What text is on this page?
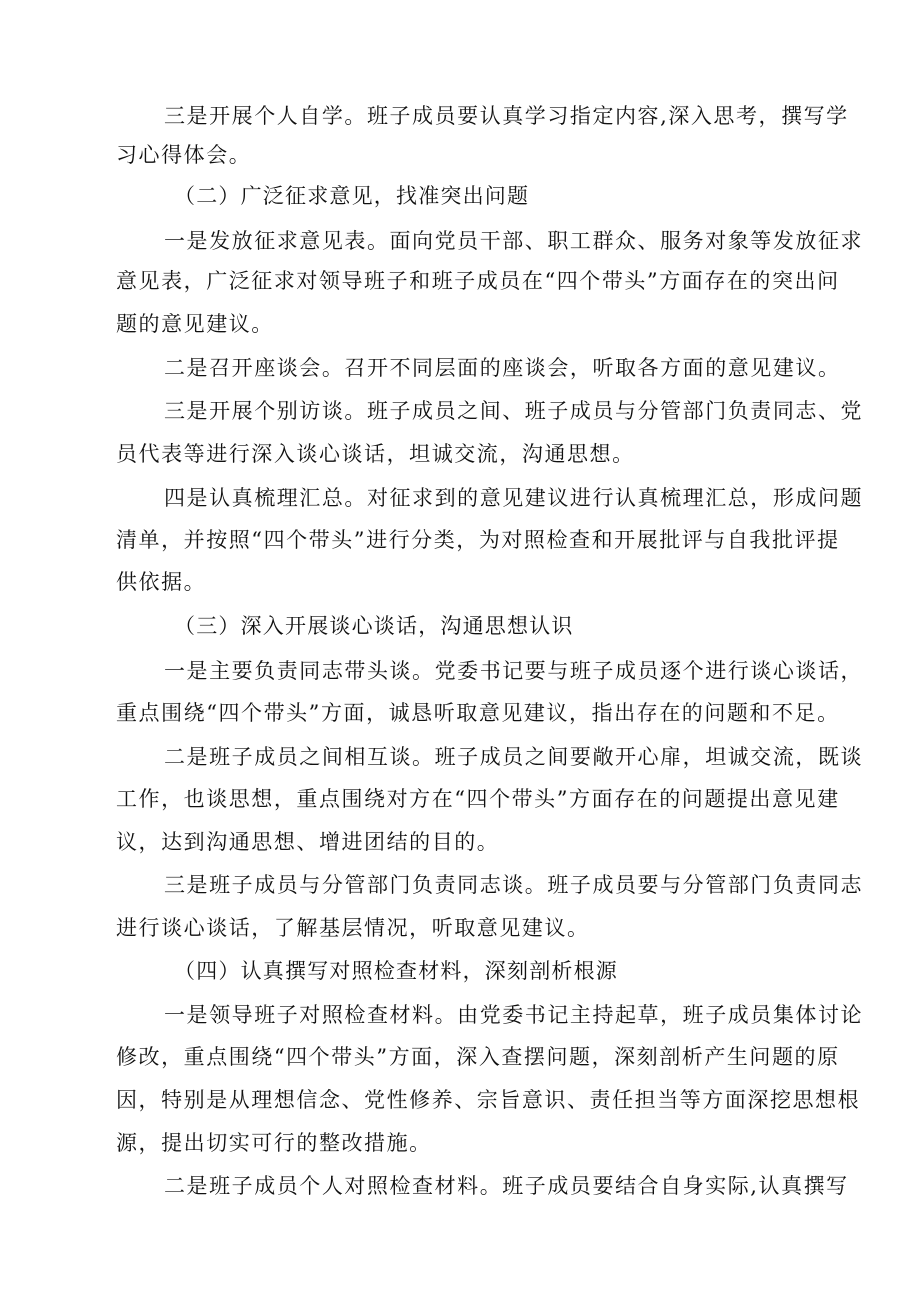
三是开展个人自学。班子成员要认真学习指定内容,深入思考，撰写学

习心得体会。

（二）广泛征求意见，找准突出问题

一是发放征求意见表。面向党员干部、职工群众、服务对象等发放征求

意见表，广泛征求对领导班子和班子成员在“四个带头”方面存在的突出问

题的意见建议。

二是召开座谈会。召开不同层面的座谈会，听取各方面的意见建议。

三是开展个别访谈。班子成员之间、班子成员与分管部门负责同志、党

员代表等进行深入谈心谈话，坦诚交流，沟通思想。

四是认真梳理汇总。对征求到的意见建议进行认真梳理汇总，形成问题

清单，并按照“四个带头”进行分类，为对照检查和开展批评与自我批评提

供依据。

（三）深入开展谈心谈话，沟通思想认识

一是主要负责同志带头谈。党委书记要与班子成员逐个进行谈心谈话，

重点围绕“四个带头”方面，诚恳听取意见建议，指出存在的问题和不足。

二是班子成员之间相互谈。班子成员之间要敞开心扉，坦诚交流，既谈

工作，也谈思想，重点围绕对方在“四个带头”方面存在的问题提出意见建

议，达到沟通思想、增进团结的目的。

三是班子成员与分管部门负责同志谈。班子成员要与分管部门负责同志

进行谈心谈话，了解基层情况，听取意见建议。

（四）认真撰写对照检查材料，深刻剖析根源

一是领导班子对照检查材料。由党委书记主持起草，班子成员集体讨论

修改，重点围绕“四个带头”方面，深入查摆问题，深刻剖析产生问题的原

因，特别是从理想信念、党性修养、宗旨意识、责任担当等方面深挖思想根

源，提出切实可行的整改措施。

二是班子成员个人对照检查材料。班子成员要结合自身实际,认真撰写
